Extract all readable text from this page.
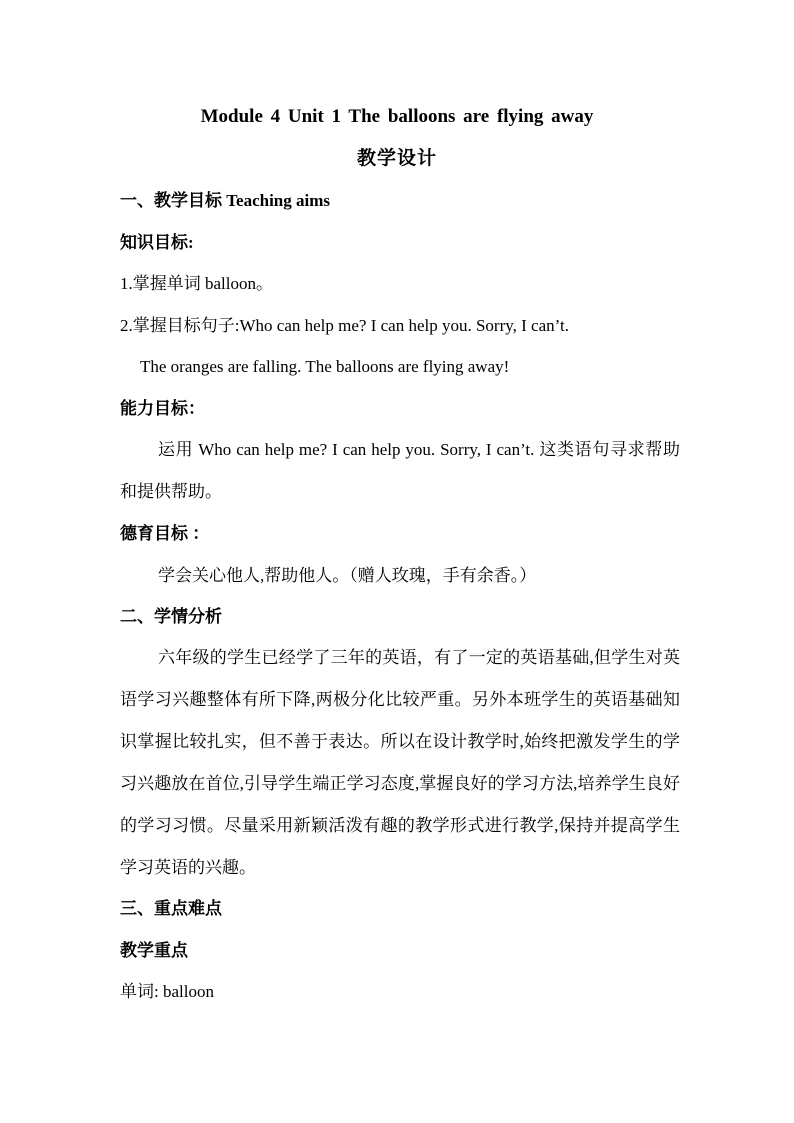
Module 4 Unit 1 The balloons are flying away
教学设计
一、教学目标 Teaching aims
知识目标:
1.掌握单词 balloon。
2.掌握目标句子:Who can help me? I can help you. Sorry, I can’t.
The oranges are falling. The balloons are flying away!
能力目标：
运用 Who can help me? I can help you. Sorry, I can’t. 这类语句寻求帮助和提供帮助。
德育目标 ：
学会关心他人,帮助他人。（赠人玫瑰，手有余香。）
二、学情分析
六年级的学生已经学了三年的英语，有了一定的英语基础,但学生对英语学习兴趣整体有所下降,两极分化比较严重。另外本班学生的英语基础知识掌握比较扎实，但不善于表达。所以在设计教学时,始终把激发学生的学习兴趣放在首位,引导学生端正学习态度,掌握良好的学习方法,培养学生良好的学习习惯。尽量采用新颖活泼有趣的教学形式进行教学,保持并提高学生学习英语的兴趣。
三、重点难点
教学重点
单词: balloon
